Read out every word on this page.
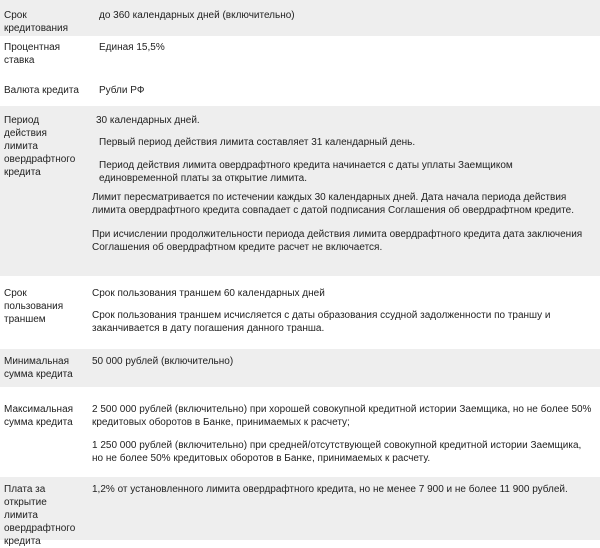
Срок кредитования

до 360 календарных дней (включительно)

Процентная ставка

Единая 15,5%

Валюта кредита	Рубли РФ

Период действия лимита овердрафтного кредита

30 календарных дней.

Первый период действия лимита составляет 31 календарный день.

Период действия лимита овердрафтного кредита начинается с даты уплаты Заемщиком единовременной платы за открытие лимита.

Лимит пересматривается по истечении каждых 30 календарных дней. Дата начала периода действия лимита овердрафтного кредита совпадает с датой подписания Соглашения об овердрафтном кредите.

При исчислении продолжительности периода действия лимита овердрафтного кредита дата заключения Соглашения об овердрафтном кредите расчет не включается.

Срок пользования траншем

Срок пользования траншем 60 календарных дней

Срок пользования траншем исчисляется с даты образования ссудной задолженности по траншу и заканчивается в дату погашения данного транша.

Минимальная сумма кредита

50 000 рублей (включительно)

Максимальная сумма кредита

2 500 000 рублей (включительно) при хорошей совокупной кредитной истории Заемщика, но не более 50% кредитовых оборотов в Банке, принимаемых к расчету;

1 250 000 рублей (включительно) при средней/отсутствующей совокупной кредитной истории Заемщика, но не более 50% кредитовых оборотов в Банке, принимаемых к расчету.

Плата за открытие лимита овердрафтного кредита

1,2% от установленного лимита овердрафтного кредита, но не менее 7 900 и не более 11 900 рублей.
